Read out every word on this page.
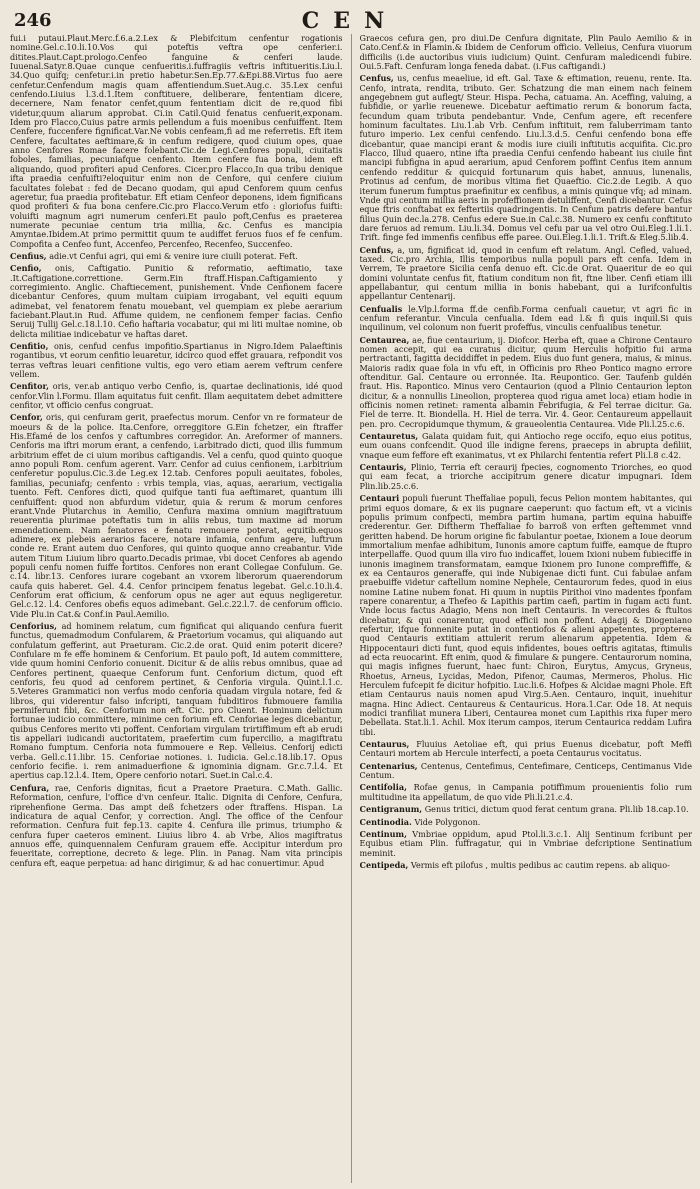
246	CEN

fui.i putaui.Plaut.Merc.f.6.a.2.Lex & Plebifcitum cenfentur rogationis nomine.Gel.c.10.li.10.Vos qui poteftis veftra ope cenferier.i. ditites.Plaut.Capt.prologo.Cenfeo fanguine & cenferi laude. Iuuenal.Satyr.8.Quae cunque cenfueritis.i.fuffragiis veftris inftitueritis.Liu.l. 34.Quo quifq; cenfetur.i.in pretio habetur.Sen.Ep.77.&Epi.88.Virtus fuo aere cenfetur.Cenfendum magis quam affentiendum.Suet.Aug.c. 35.Lex cenfui cenfendo.Liuius l.3.d.1.Item conftituere, deliberare, fententiam dicere, decernere, Nam fenator cenfet,quum fententiam dicit de re,quod fibi videtur,quum aliarum approbat. Ci.in Catil.Quid fenatus cenfuerit,exponam. Idem pro Flacco,Cuius patre armis pellendum a fuis moenibus cenfuiffent. Item Cenfere, fuccenfere fignificat.Var.Ne vobis cenfeam,fi ad me referretis. Eft item Cenfere, facultates aeftimare,& in cenfum redigere, quod ciuium opes, quae anno Cenfores Romae facere folebant.Cic.de Legi.Cenfores populi, ciuitatis foboles, familias, pecuniafque cenfento. Item cenfere fua bona, idem eft aliquando, quod profiteri apud Cenfores. Cicer.pro Flacco,In qua tribu denique ifta praedia cenfuifti?eloquitur enim non de Cenfore, qui cenfere ciuium facultates folebat : fed de Decano quodam, qui apud Cenforem quum cenfus ageretur, fua praedia profitebatur. Eft etiam Cenfeor deponens, idem fignificans quod profiteri & fua bona cenfere.Cic.pro Flacco.Verum etfo : gloriofus fuifti: voluifti magnum agri numerum cenferi.Et paulo poft,Cenfus es praeterea numerate pecuniae centum tria millia, &c. Cenfus es mancipia Amyntae.Ibidem.At primo permittit quum te audiffet feruos fuos ef fe cenfum. Compofita a Cenfeo funt, Accenfeo, Percenfeo, Recenfeo, Succenfeo.

Cenfius, adie.vt Cenfui agri, qui emi & venire iure ciuili poterat. Feft.

Cenfio, onis, Caftigatio. Punitio & reformatio, aeftimatio, taxe .It.Caftigatione.correttione. Germ.Ein ftraff.Hispan.Caftigamiento y corregimiento. Anglic. Chaftiecement, punishement. Vnde Cenfionem facere dicebantur Cenfores, quum multam cuipiam irrogabant, vel equiti equum adimebat, vel fenatorem fenatu mouebant, vel quempiam ex plebe aerarium faciebant.Plaut.in Rud. Affume quidem, ne cenfionem femper facias. Cenfio Seruij Tullij Gel.c.18.l.10. Cefio haftaria vocabatur, qui mi liti multae nomine, ob delicta militiae indicebatur ve haftas daret.

Cenfitio, onis, cenfud cenfus impofitio.Spartianus in Nigro.Idem Palaeftinis rogantibus, vt eorum cenfitio leuaretur, idcirco quod effet grauara, refpondit vos terras veftras leuari cenfitione vultis, ego vero etiam aerem veftrum cenfere vellem.

Cenfitor, oris, ver.ab antiquo verbo Cenfio, is, quartae declinationis, idé quod cenfor.Vlin l.Formu. Illam aquitatus fuit cenfit. Illam aequitatem debet admittere cenfitor, vt officio cenfus congruat.

Cenfor, oris, qui cenfuram gerit, praefectus morum. Cenfor vn re formateur de moeurs & de la police. Ita.Cenfore, orreggitore G.Ein fchetzer, ein ftraffer His.Efamé de los cenfos y caftumbres corregidor. An. Areformer of manners. Cenforis ma iftri morum erant, a cenfendo, i.arbitrado dicti, quod illis fummum arbitrium effet de ci uium moribus caftigandis. Vel a cenfu, quod quinto quoque anno populi Rom. cenfum agerent. Varr. Cenfor ad cuius cenfionem, i.arbitrium cenferetur populus.Cic.3.de Leg.ex 12.tab. Cenfores populi aeuitates, foboles, familias, pecuniafq; cenfento : vrbis templa, vias, aquas, aerarium, vectigalia tuento. Feft. Cenfores dicti, quod quifque tanti fua aeftimaret, quantum illi cenfuiffent: quod non abfurdum videtur, quia & rerum & morum cenfores erant.Vnde Plutarchus in Aemilio, Cenfura maxima omnium magiftratuum reuerentia plurimae poteftatis tum in aliis rebus, tum maxime ad morum emendationem. Nam fenatores e fenatu remouere poterat, equitib.equos adimere, ex plebeis aerarios facere, notare infamia, cenfum agere, luftrum conde re. Erant autem duo Cenfores, qui quinto quoque anno creabantur. Vide autem Titum Liuium libro quarto.Decadis primae, vbi docet Cenfores ab agendo populi cenfu nomen fuiffe fortitos. Cenfores non erant Collegae Confulum. Ge. c.14. libr.13. Cenfores iurare cogebant an vxorem liberorum quaerendorum caufa quis haberet. Gel. 4.4. Cenfor principem fenatus legebat. Gel.c.10.li.4. Cenforum erat officium, & cenforum opus ne ager aut equus negligeretur. Gel.c.12. l.4. Cenfores obefis equos adimebant. Gel.c.22.l.7. de cenforum officio. Vide Plu.in Cat.& Conf.in Paul.Aemilio.

Cenforius, ad hominem relatum, cum fignificat qui aliquando cenfura fuerit functus, quemadmodum Confularem, & Praetorium vocamus, qui aliquando aut confulatum gefferint, aut Praeturam. Cic.2.de orat. Quid enim poterit dicere? Confulare m fe effe hominem & Cenforium. Et paulo poft, Id autem committere, vide quum homini Cenforio conuenit. Dicitur & de aliis rebus omnibus, quae ad Cenfores pertinent, quaeque Cenforum funt. Cenforium dictum, quod eft cenforis, feu quod ad cenforem pertinet, & Cenforia virgula. Quint.l.1.c. 5.Veteres Grammatici non verfus modo cenforia quadam virgula notare, fed & libros, qui viderentur falso infcripti, tanquam fubditiros fubmouere familia permiferunt fibi, &c. Cenforium non eft. Cic. pro Cluent. Hominum delictum fortunae iudicio committere, minime cen forium eft. Cenforiae leges dicebantur, quibus Cenfores merito vti poffent. Cenforiam virgulam trirtiffimum eft ab erudi tis appellari iudicandi auctoritatem, praefertim cum fupercilio, a magiftratu Romano fumptum. Cenforia nota fummouere e Rep. Velleius. Cenforij edicti verba. Gell.c.11.libr. 15. Cenforiae notiones. i. Iudicia. Gel.c.18.lib.17. Opus cenforio fecifie. i. rem animaduerfione & ignominia dignam. Gr.c.7.l.4. Et apertius cap.12.l.4. Item, Opere cenforio notari. Suet.in Cal.c.4.

Cenfura, rae, Cenforis dignitas, ficut a Praetore Praetura. C.Math. Gallic. Reformation, cenfure, l'office d'vn cenfeur. Italic. Dignita di Cenfore, Cenfura, riprehenfione Germa. Das ampt deß fchetzers oder ftraffens. Hispan. La indicatura de aqual Cenfor, y correction. Angl. The office of the Cenfour reformation. Cenfura fuit fep.13. capite 4. Cenfura ille primus, triumpho & cenfura fuper caeteros eminent. Liuius libro 4. ab Vrbe, Alios magiftratus annuos effe, quinquennalem Cenfuram grauem effe. Accipitur interdum pro feueritate, correptione, decreto & lege. Plin. in Panag. Nam vita principis cenfura eft, eaque perpetua: ad hanc dirigimur, & ad hac conuertimur. Apud

Graecos cefura gen, pro diui.De Cenfura dignitate, Plin Paulo Aemilio & in Cato.Cenf.& in Flamin.& Ibidem de Cenforum officio. Velleius, Cenfura viuorum difficilis (i.de auctoribus viuis iudicium) Quint. Cenfuram maledicendi fubire. Oui.5.Faft. Cenfuram longa feneda dabat. (i.Fus caftigandi.)

Cenfus, us, cenfus meaeliue, id eft. Gal. Taxe & eftimation, reuenu, rente. Ita. Cenfo, intrata, rendita, tributo. Ger. Schatzung die man einem nach feinem angegebnem gut auflegt/ Steur. Hispa. Pecha, catuama. An. Aceffing, valuing, a fubfidie, or yarlie reuenewe. Dicebatur aeftimatio rerum & bonorum facta, fecundum quam tributa pendebantur. Vnde, Cenfum agere, eft recenfere hominum facultates. Liu.1.ab Vrb. Cenfum inftituit, rem faluberrimam tanto futuro imperio. Lex cenfui cenfendo. Liu.l.3.d.5. Cenfui cenfendo bona effe dicebantur, quae mancipi erant & modis iure ciuili inftitutis acquifita. Cic.pro Flacco, Illud quaero, ntine ifta praedia Cenfui cenfendo habeant ius ciuile fint mancipi fubfigna in apud aerarium, apud Cenforem poffint Cenfus item annum cenfendo redditur & quicquid fortunarum quis habet, annuus, lunenalis, Protinus ad cenfum, de moribus vltima fiet Quaeftio. Cic.2.de Legib. A quo iterum funerum fumptus praefinitur ex cenfibus, a minis quinque vfq; ad minam. Vnde qui centum millia aeris in profeffionem detuliffent, Cenfi dicebantur. Cefus eque ftris conftabat ex feftertiis quadringentis. In Cenfum patris defere bantur filius Quin dec.la.278. Cenfus edere Sue.in Cal.c.38. Numero ex cenfu conftituto dare feruos ad remum. Liu.li.34. Domus vel cefu par ua vel otro Oui.Eleg.1.li.1. Trift. finge fed immenfis cenfibus effe paree. Oui.Eleg.1.li.1. Trift.& Eleg.5.lib.4.

Cenfus, a, um, fignificat id, quod in cenfum eft relatum. Angl. Cefled, valued, taxed. Cic.pro Archia, Illis temporibus nulla populi pars eft cenfa. Idem in Verrem, Te praetore Sicilia cenfa denuo eft. Cic.de Orat. Quaeritur de eo qui domini voluntate cenfus fit, ftatium conditum non fit, ftne liber. Cenfi etiam illi appellabantur, qui centum millia in bonis habebant, qui a Iurifconfultis appellantur Centenarij.

Cenfualis le.Vlp.l.forma ff.de cenfib.Forma cenfuali cauetur, vt agri fic in cenfum referantur. Vincula cenfualia. Idem ead l.& fi quis inquil.Si quis inquilinum, vel colonum non fuerit profeffus, vinculis cenfualibus tenetur.

Centaurea, ae, fiue centaurium, ij. Diofcor. Herba eft, quae a Chirone Centauro nomen accepit, qui ea curatus dicitur, quum Herculis hofpitio fui arma pertractanti, fagitta deciddiffet in pedem. Eius duo funt genera, maius, & minus. Maioris radix quae fola in vfu eft, in Officinis pro Rheo Pontico magno errore oftenditur. Gal. Centaure ou erronnée. Ita. Reupontico. Ger. Taufenb guldén fraut. His. Rapontico. Minus vero Centaurion (quod a Plinio Centaurion lepton dicitur, & a nonnullis Lineolion, propterea quod rigua amet loca) etiam hodie in officinis nomen retinet: ramenta albamin Febrifugia, & Fel terrae dicitur. Ga. Fiel de terre. It. Biondella. H. Hiel de terra. Vir. 4. Geor. Centaureum appellauit pen. pro. Cecropidumque thymum, & graueolentia Centaurea. Vide Pli.l.25.c.6.

Centauretus, Galata quidam fuit, qui Antiocho rege occifo, equo eius potitus, eum ouans confcendit. Quod ille indigne ferens, praeceps in abrupta defiliit, vnaque eum feffore eft exanimatus, vt ex Philarchi fententia refert Pli.l.8 c.42.

Centauris, Plinio, Terria eft ceraurij fpecies, cognomento Triorches, eo quod qui eam fecat, a triorche accipitrum genere dicatur impugnari. Idem Plin.lib.25.c.6.

Centauri populi fuerunt Theffaliae populi, fecus Pelion montem habitantes, qui primi equos domare, & ex iis pugnare caeperunt: quo factum eft, vt a vicinis populis primum confpecti, membra partim humana, partim equina habuiffe crederentur. Ger. Diftherm Theffaliae fo barroß von erften geftemmet vnnd geritten habend. De horum origine fic fabulantur poetae, Ixionem a Ioue deorum immortalium menfae adhibitum, Iunonis amore captum fuiffe, eamque de ftupro interpellaffe. Quod quum illa viro fuo indicaffet, louem Ixioni nubem fubieciffe in iunonis imaginem transformatam, eamque Ixionem pro Iunone compreffiffe, & ex ea Centauros generaffe, qui inde Nubigenae dicti funt. Cui fabulae anfam praebuiffe videtur caftellum nomine Nephele, Centaurorum fedes, quod in eius nomine Latine nubem fonat. Hi quum in nuptiis Pirithoi vino madentes fponfam rapere conarentur, a Thefeo & Lapithis partim caefi, partim in fugam acti funt. Vnde locus factus Adagio, Mens non ineft Centauris. In verecordes & ftultos dicebatur, & qui conarentur, quod efficii non poffent. Adagij & Diogeniano refertur, ifque fonnenite putat in contentiofos & alieni appetentes, propterea quod Centauris extitiam attulerit rerum alienarum appetentia. Idem & Hippocentauri dicti funt, quod equis infidentes, boues oeftris agitatas, ftimulis ad ecta reuocarint. Eft enim, quod & fimulare & pungere. Centaurorum nomina, qui magis infignes fuerunt, haec funt: Chiron, Eurytus, Amycus, Gryneus, Rhoetus, Arneus, Lycidas, Medon, Pifenor, Caumas, Mermeros, Pholus. Hic Herculem fufcepit fe dicitur hofpitio. Luc.li.6. Hofpes & Alcidae magni Phole. Eft etiam Centaurus nauis nomen apud Virg.5.Aen. Centauro, inquit, inuehitur magna. Hinc Adiect. Centaureus & Centauricus. Hora.1.Car. Ode 18. At nequis modici tranfiliat munera Liberi, Centaurea monet cum Lapithis rixa fuper mero Debellata. Stat.li.1. Achil. Mox iterum campos, iterum Centaurica reddam Lufira tibi.

Centaurus, Fluuius Aetoliae eft, qui prius Euenus dicebatur, poft Meffi Centauri mortem ab Hercule interfecti, a poeta Centaurus vocitatus.

Centenarius, Centenus, Centefimus, Centefimare, Centiceps, Centimanus Vide Centum.

Centifolia, Rofae genus, in Campania potiffimum prouenientis folio rum multitudine ita appellatum, de quo vide Pli.li.21.c.4.

Centigranum, Genus tritici, dictum quod ferat centum grana. Pli.lib 18.cap.10.

Centinodia. Vide Polygonon.

Centinum, Vmbriae oppidum, apud Ptol.li.3.c.1. Alij Sentinum fcribunt per Equibus etiam Plin. fuffragatur, qui in Vmbriae defcriptione Sentinatium meminit.

Centipeda, Vermis eft pilofus , multis pedibus ac cautim repens. ab aliquo-
